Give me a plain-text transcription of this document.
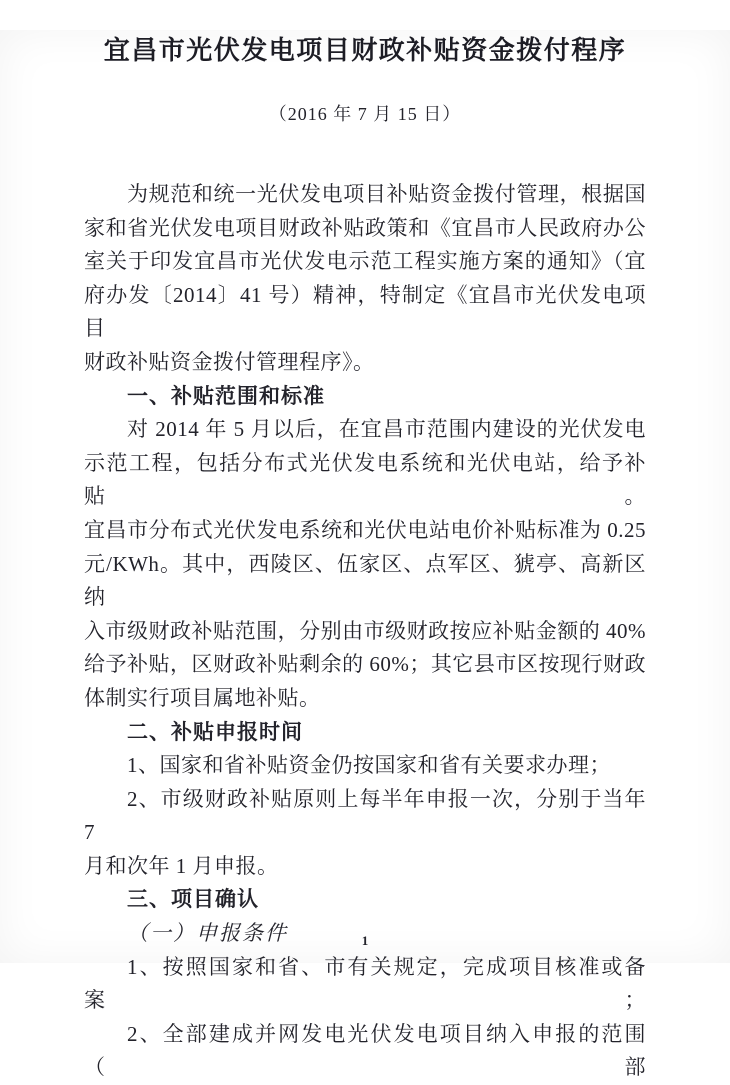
宜昌市光伏发电项目财政补贴资金拨付程序
（2016 年 7 月 15 日）
为规范和统一光伏发电项目补贴资金拨付管理，根据国
家和省光伏发电项目财政补贴政策和《宜昌市人民政府办公
室关于印发宜昌市光伏发电示范工程实施方案的通知》（宜
府办发〔2014〕41 号）精神，特制定《宜昌市光伏发电项目
财政补贴资金拨付管理程序》。
一、补贴范围和标准
对 2014 年 5 月以后，在宜昌市范围内建设的光伏发电
示范工程，包括分布式光伏发电系统和光伏电站，给予补贴。
宜昌市分布式光伏发电系统和光伏电站电价补贴标准为 0.25
元/KWh。其中，西陵区、伍家区、点军区、猇亭、高新区纳
入市级财政补贴范围，分别由市级财政按应补贴金额的 40%
给予补贴，区财政补贴剩余的 60%；其它县市区按现行财政
体制实行项目属地补贴。
二、补贴申报时间
1、国家和省补贴资金仍按国家和省有关要求办理；
2、市级财政补贴原则上每半年申报一次，分别于当年 7
月和次年 1 月申报。
三、项目确认
（一）申报条件
1、按照国家和省、市有关规定，完成项目核准或备案；
2、全部建成并网发电光伏发电项目纳入申报的范围（部
1
